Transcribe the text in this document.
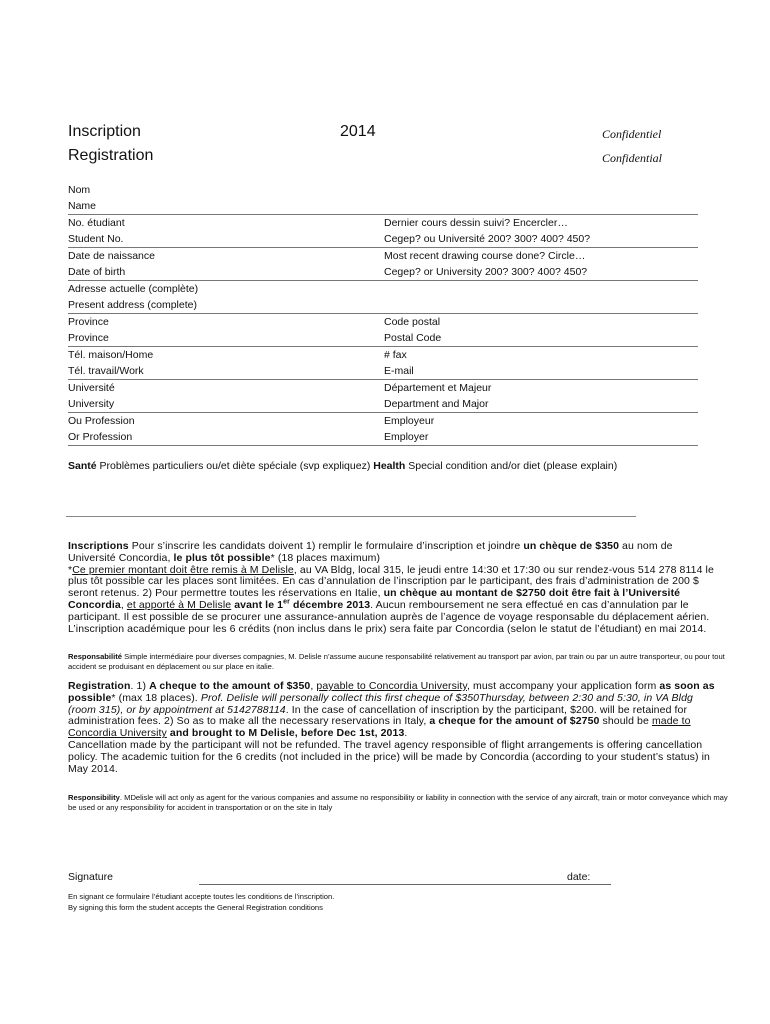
Inscription
Registration
2014	Confidentiel
Confidential
Nom	
Name	
No. étudiant	Dernier cours dessin suivi? Encercler…
Student No.	Cegep? ou Université 200? 300? 400? 450?
Date de naissance	Most recent drawing course done? Circle…
Date of birth	Cegep? or University 200? 300? 400? 450?
Adresse actuelle (complète)	
Present address (complete)	
Province	Code postal
Province	Postal Code
Tél. maison/Home	# fax
Tél. travail/Work	E-mail
Université	Département et Majeur
University	Department and Major
Ou Profession	Employeur
Or Profession	Employer
Santé Problèmes particuliers ou/et diète spéciale (svp expliquez) Health Special condition and/or diet (please explain)
Inscriptions Pour s’inscrire les candidats doivent 1) remplir le formulaire d’inscription et joindre un chèque de $350 au nom de Université Concordia, le plus tôt possible* (18 places maximum)
*Ce premier montant doit être remis à M Delisle, au VA Bldg, local 315, le jeudi entre 14:30 et 17:30 ou sur rendez-vous 514 278 8114 le plus tôt possible car les places sont limitées. En cas d’annulation de l’inscription par le participant, des frais d’administration de 200 $ seront retenus. 2) Pour permettre toutes les réservations en Italie, un chèque au montant de $2750 doit être fait à l’Université Concordia, et apporté à M Delisle avant le 1er décembre 2013. Aucun remboursement ne sera effectué en cas d’annulation par le participant. Il est possible de se procurer une assurance-annulation auprès de l’agence de voyage responsable du déplacement aérien. L’inscription académique pour les 6 crédits (non inclus dans le prix) sera faite par Concordia (selon le statut de l’étudiant) en mai 2014.
Responsabilité Simple intermédiaire pour diverses compagnies, M. Delisle n’assume aucune responsabilité relativement au transport par avion, par train ou par un autre transporteur, ou pour tout accident se produisant en déplacement ou sur place en italie.
Registration. 1) A cheque to the amount of $350, payable to Concordia University, must accompany your application form as soon as possible* (max 18 places). Prof. Delisle will personally collect this first cheque of $350Thursday, between 2:30 and 5:30, in VA Bldg (room 315), or by appointment at 5142788114. In the case of cancellation of inscription by the participant, $200. will be retained for administration fees. 2) So as to make all the necessary reservations in Italy, a cheque for the amount of $2750 should be made to Concordia University and brought to M Delisle, before Dec 1st, 2013.
Cancellation made by the participant will not be refunded. The travel agency responsible of flight arrangements is offering cancellation policy. The academic tuition for the 6 credits (not included in the price) will be made by Concordia (according to your student’s status) in May 2014.
Responsibility. MDelisle will act only as agent for the various companies and assume no responsibility or liability in connection with the service of any aircraft, train or motor conveyance which may be used or any responsibility for accident in transportation or on the site in Italy
Signature	date:
En signant ce formulaire l’étudiant accepte toutes les conditions de l’inscription.
By signing this form the student accepts the General Registration conditions
